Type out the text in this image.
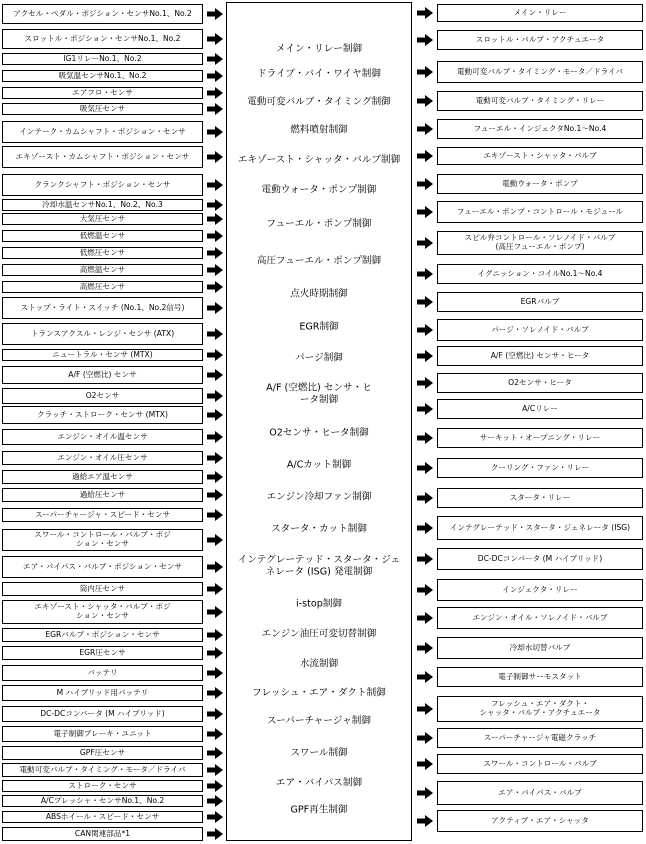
メイン・リレー制御
ドライブ・バイ・ワイヤ制御
電動可変バルブ・タイミング制御
燃料噴射制御
エキゾースト・シャッタ・バルブ制御
電動ウォータ・ポンプ制御
フューエル・ポンプ制御
高圧フューエル・ポンプ制御
点火時期制御
EGR制御
パージ制御
A/F (空燃比) センサ・ヒ
ータ制御
O2センサ・ヒータ制御
A/Cカット制御
エンジン冷却ファン制御
スタータ・カット制御
インテグレーテッド・スタータ・ジェ
ネレータ (ISG) 発電制御
i-stop制御
エンジン油圧可変切替制御
水流制御
フレッシュ・エア・ダクト制御
スーパーチャージャ制御
スワール制御
エア・バイパス制御
GPF再生制御
アクセル・ペダル・ポジション・センサNo.1、No.2
スロットル・ポジション・センサNo.1、No.2
IG1リレーNo.1、No.2
吸気温センサNo.1、No.2
エアフロ・センサ
吸気圧センサ
インテーク・カムシャフト・ポジション・センサ
エキゾースト・カムシャフト・ポジション・センサ
クランクシャフト・ポジション・センサ
冷却水温センサNo.1、No.2、No.3
大気圧センサ
低燃温センサ
低燃圧センサ
高燃温センサ
高燃圧センサ
ストップ・ライト・スイッチ (No.1、No.2信号)
トランスアクスル・レンジ・センサ (ATX)
ニュートラル・センサ (MTX)
A/F (空燃比) センサ
O2センサ
クラッチ・ストローク・センサ (MTX)
エンジン・オイル温センサ
エンジン・オイル圧センサ
過給エア温センサ
過給圧センサ
スーパーチャージャ・スピード・センサ
スワール・コントロール・バルブ・ポジ
ション・センサ
エア・バイパス・バルブ・ポジション・センサ
筒内圧センサ
エキゾースト・シャッタ・バルブ・ポジ
ション・センサ
EGRバルブ・ポジション・センサ
EGR圧センサ
バッテリ
M ハイブリッド用バッテリ
DC-DCコンバータ (M ハイブリッド)
電子制御ブレーキ・ユニット
GPF圧センサ
電動可変バルブ・タイミング・モータ／ドライバ
ストローク・センサ
A/Cプレッシャ・センサNo.1、No.2
ABSホイール・スピード・センサ
CAN関連部品*1
メイン・リレー
スロットル・バルブ・アクチュエータ
電動可変バルブ・タイミング・モータ／ドライバ
電動可変バルブ・タイミング・リレー
フューエル・インジェクタNo.1～No.4
エキゾースト・シャッタ・バルブ
電動ウォータ・ポンプ
フューエル・ポンプ・コントロール・モジュール
スピル弁コントロール・ソレノイド・バルブ
(高圧フューエル・ポンプ)
イグニッション・コイルNo.1～No.4
EGRバルブ
パージ・ソレノイド・バルブ
A/F (空燃比) センサ・ヒータ
O2センサ・ヒータ
A/Cリレー
サーキット・オープニング・リレー
クーリング・ファン・リレー
スタータ・リレー
インテグレーテッド・スタータ・ジェネレータ (ISG)
DC-DCコンバータ (M ハイブリッド)
インジェクタ・リレー
エンジン・オイル・ソレノイド・バルブ
冷却水切替バルブ
電子制御サーモスタット
フレッシュ・エア・ダクト・
シャッタ・バルブ・アクチュエータ
スーパーチャージャ電磁クラッチ
スワール・コントロール・バルブ
エア・バイパス・バルブ
アクティブ・エア・シャッタ
